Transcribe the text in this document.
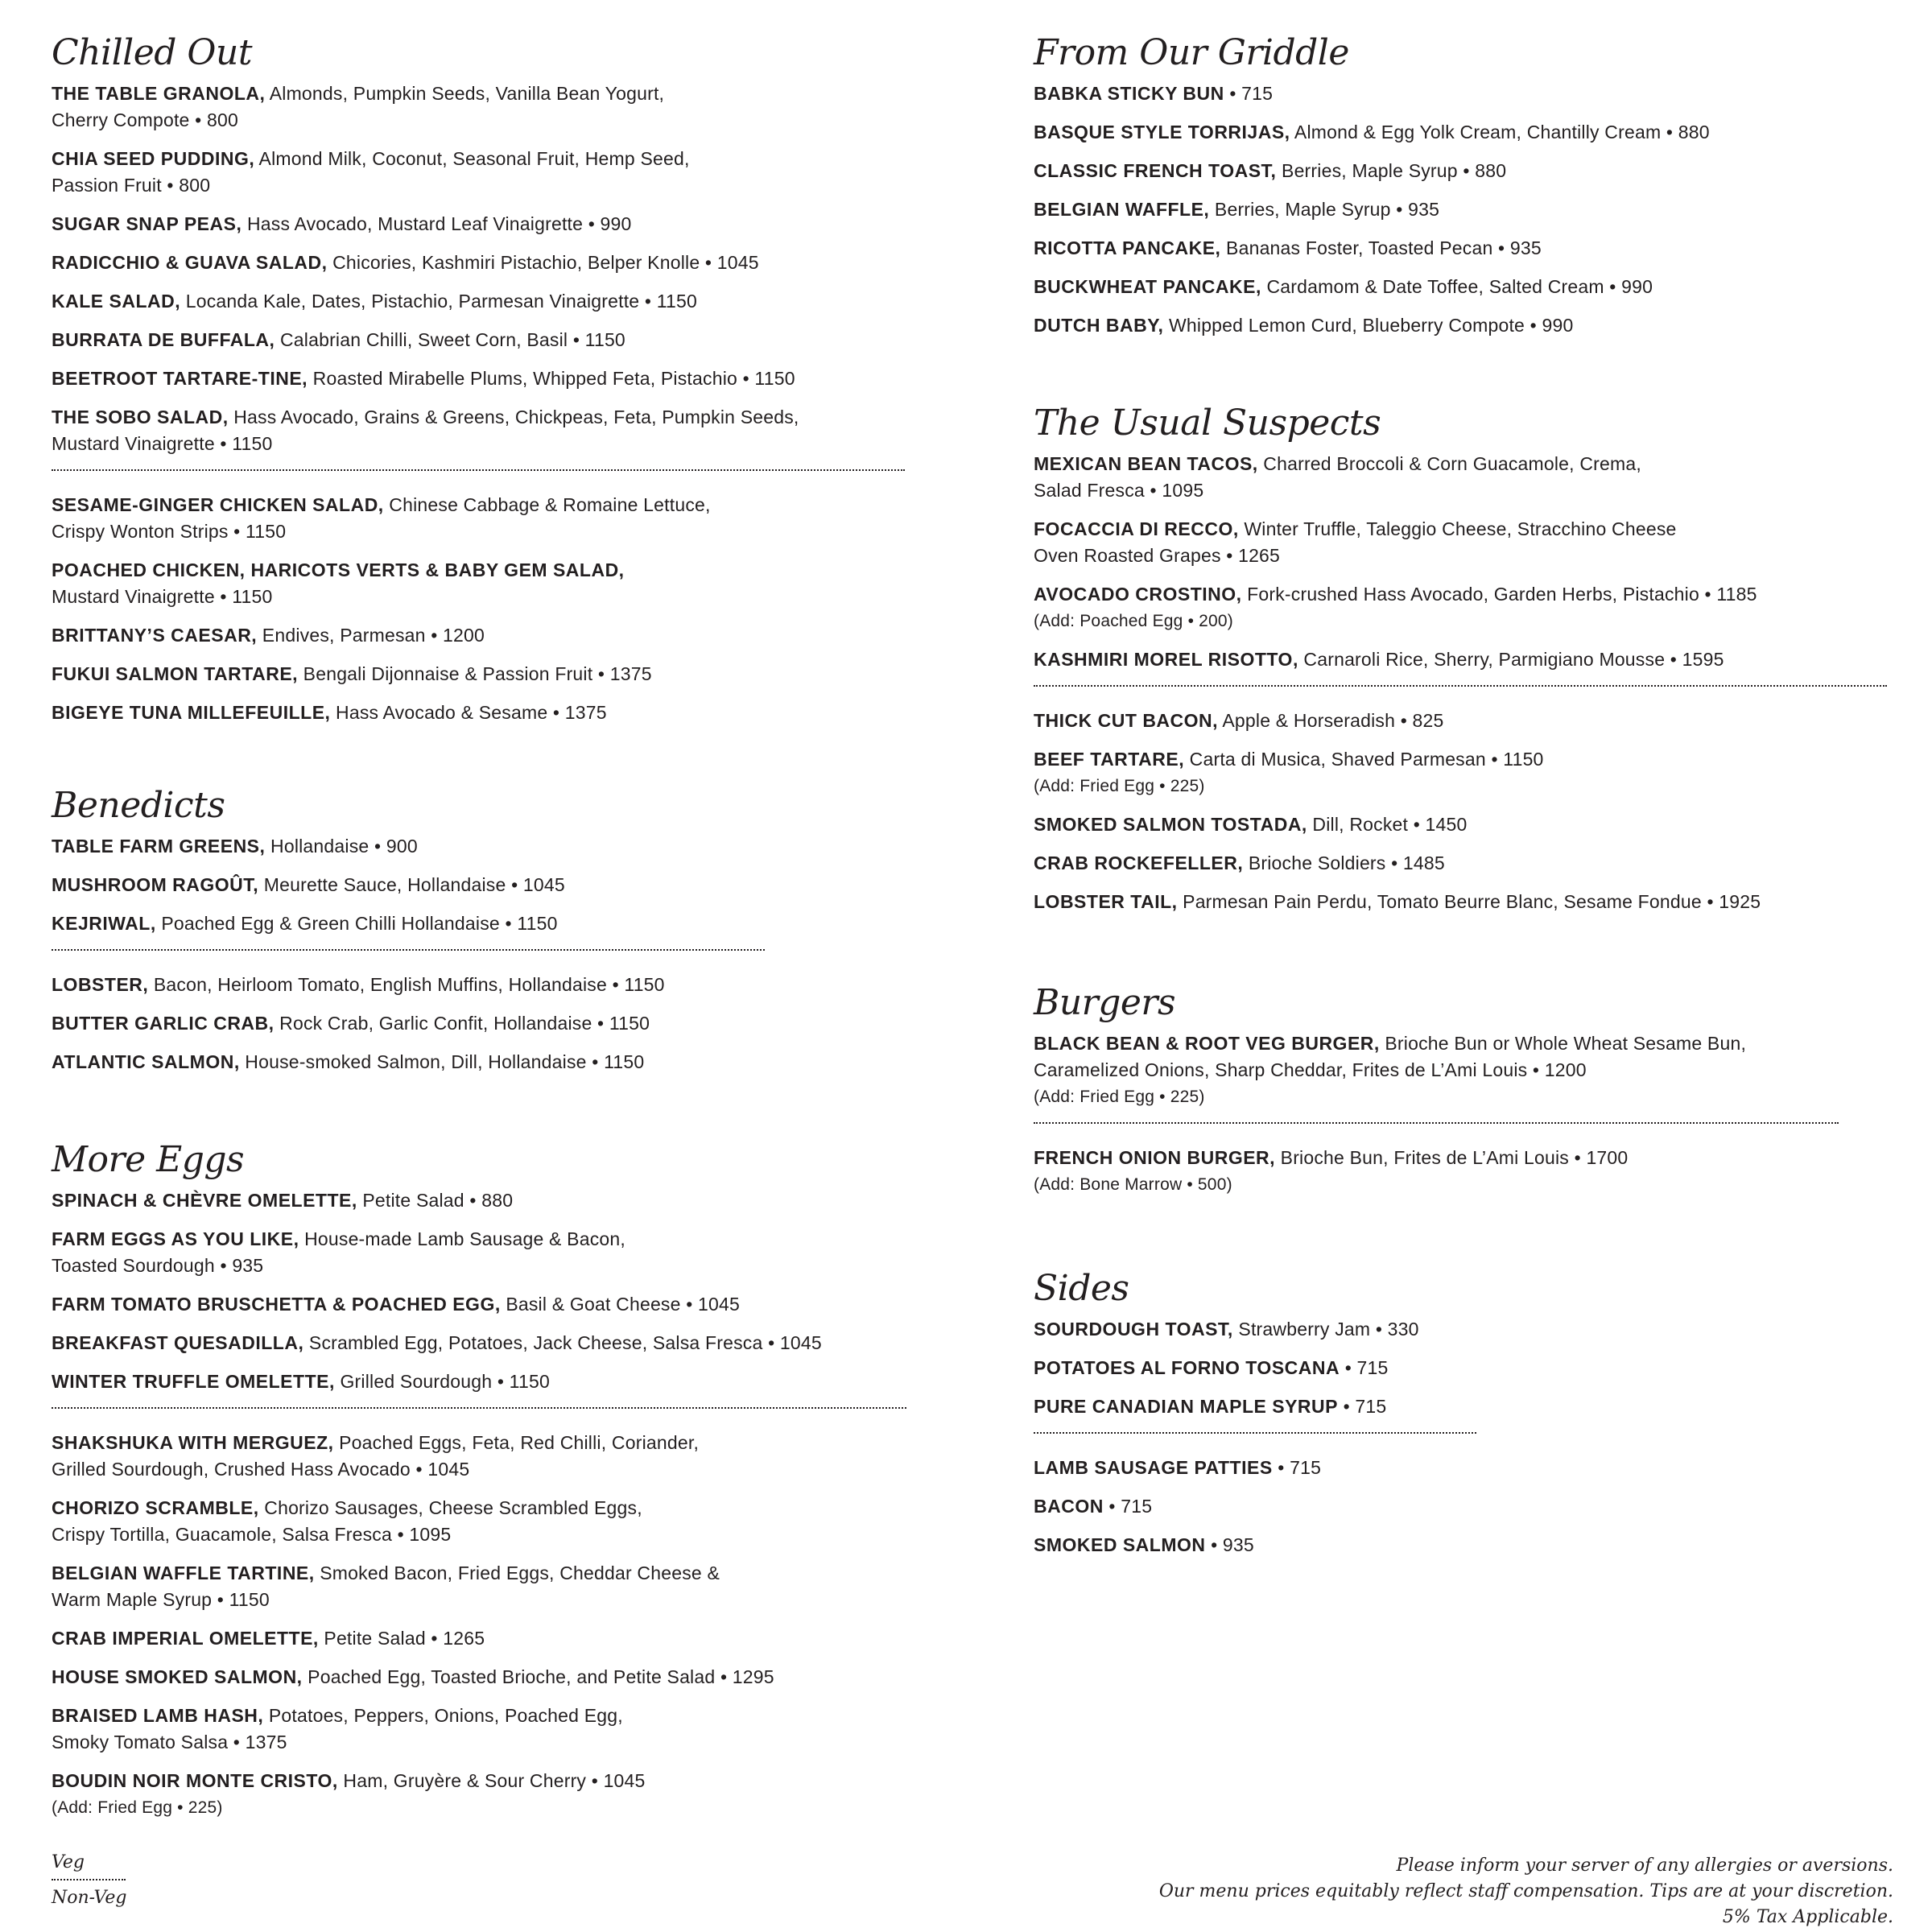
Chilled Out
THE TABLE GRANOLA, Almonds, Pumpkin Seeds, Vanilla Bean Yogurt,
Cherry Compote • 800
CHIA SEED PUDDING, Almond Milk, Coconut, Seasonal Fruit, Hemp Seed,
Passion Fruit • 800
SUGAR SNAP PEAS, Hass Avocado, Mustard Leaf Vinaigrette • 990
RADICCHIO & GUAVA SALAD, Chicories, Kashmiri Pistachio, Belper Knolle • 1045
KALE SALAD, Locanda Kale, Dates, Pistachio, Parmesan Vinaigrette • 1150
BURRATA DE BUFFALA, Calabrian Chilli, Sweet Corn, Basil • 1150
BEETROOT TARTARE-TINE, Roasted Mirabelle Plums, Whipped Feta, Pistachio • 1150
THE SOBO SALAD, Hass Avocado, Grains & Greens, Chickpeas, Feta, Pumpkin Seeds,
Mustard Vinaigrette • 1150
SESAME-GINGER CHICKEN SALAD, Chinese Cabbage & Romaine Lettuce,
Crispy Wonton Strips • 1150
POACHED CHICKEN, HARICOTS VERTS & BABY GEM SALAD,
Mustard Vinaigrette • 1150
BRITTANY’S CAESAR, Endives, Parmesan • 1200
FUKUI SALMON TARTARE, Bengali Dijonnaise & Passion Fruit • 1375
BIGEYE TUNA MILLEFEUILLE, Hass Avocado & Sesame • 1375
Benedicts
TABLE FARM GREENS, Hollandaise • 900
MUSHROOM RAGOÛT, Meurette Sauce, Hollandaise • 1045
KEJRIWAL, Poached Egg & Green Chilli Hollandaise • 1150
LOBSTER, Bacon, Heirloom Tomato, English Muffins, Hollandaise • 1150
BUTTER GARLIC CRAB, Rock Crab, Garlic Confit, Hollandaise • 1150
ATLANTIC SALMON, House-smoked Salmon, Dill, Hollandaise • 1150
More Eggs
SPINACH & CHÈVRE OMELETTE, Petite Salad • 880
FARM EGGS AS YOU LIKE, House-made Lamb Sausage & Bacon,
Toasted Sourdough • 935
FARM TOMATO BRUSCHETTA & POACHED EGG, Basil & Goat Cheese • 1045
BREAKFAST QUESADILLA, Scrambled Egg, Potatoes, Jack Cheese, Salsa Fresca • 1045
WINTER TRUFFLE OMELETTE, Grilled Sourdough • 1150
SHAKSHUKA WITH MERGUEZ, Poached Eggs, Feta, Red Chilli, Coriander,
Grilled Sourdough, Crushed Hass Avocado • 1045
CHORIZO SCRAMBLE, Chorizo Sausages, Cheese Scrambled Eggs,
Crispy Tortilla, Guacamole, Salsa Fresca • 1095
BELGIAN WAFFLE TARTINE, Smoked Bacon, Fried Eggs, Cheddar Cheese &
Warm Maple Syrup • 1150
CRAB IMPERIAL OMELETTE, Petite Salad • 1265
HOUSE SMOKED SALMON, Poached Egg, Toasted Brioche, and Petite Salad • 1295
BRAISED LAMB HASH, Potatoes, Peppers, Onions, Poached Egg,
Smoky Tomato Salsa • 1375
BOUDIN NOIR MONTE CRISTO, Ham, Gruyère & Sour Cherry • 1045
(Add: Fried Egg • 225)
From Our Griddle
BABKA STICKY BUN • 715
BASQUE STYLE TORRIJAS, Almond & Egg Yolk Cream, Chantilly Cream • 880
CLASSIC FRENCH TOAST, Berries, Maple Syrup • 880
BELGIAN WAFFLE, Berries, Maple Syrup • 935
RICOTTA PANCAKE, Bananas Foster, Toasted Pecan • 935
BUCKWHEAT PANCAKE, Cardamom & Date Toffee, Salted Cream • 990
DUTCH BABY, Whipped Lemon Curd, Blueberry Compote • 990
The Usual Suspects
MEXICAN BEAN TACOS, Charred Broccoli & Corn Guacamole, Crema,
Salad Fresca • 1095
FOCACCIA DI RECCO, Winter Truffle, Taleggio Cheese, Stracchino Cheese
Oven Roasted Grapes • 1265
AVOCADO CROSTINO, Fork-crushed Hass Avocado, Garden Herbs, Pistachio • 1185
(Add: Poached Egg • 200)
KASHMIRI MOREL RISOTTO, Carnaroli Rice, Sherry, Parmigiano Mousse • 1595
THICK CUT BACON, Apple & Horseradish • 825
BEEF TARTARE, Carta di Musica, Shaved Parmesan • 1150
(Add: Fried Egg • 225)
SMOKED SALMON TOSTADA, Dill, Rocket • 1450
CRAB ROCKEFELLER, Brioche Soldiers • 1485
LOBSTER TAIL, Parmesan Pain Perdu, Tomato Beurre Blanc, Sesame Fondue • 1925
Burgers
BLACK BEAN & ROOT VEG BURGER, Brioche Bun or Whole Wheat Sesame Bun,
Caramelized Onions, Sharp Cheddar, Frites de L’Ami Louis • 1200
(Add: Fried Egg • 225)
FRENCH ONION BURGER, Brioche Bun, Frites de L’Ami Louis • 1700
(Add: Bone Marrow • 500)
Sides
SOURDOUGH TOAST, Strawberry Jam • 330
POTATOES AL FORNO TOSCANA • 715
PURE CANADIAN MAPLE SYRUP • 715
LAMB SAUSAGE PATTIES • 715
BACON • 715
SMOKED SALMON • 935
Veg
Non-Veg
Please inform your server of any allergies or aversions.
Our menu prices equitably reflect staff compensation. Tips are at your discretion.
5% Tax Applicable.
